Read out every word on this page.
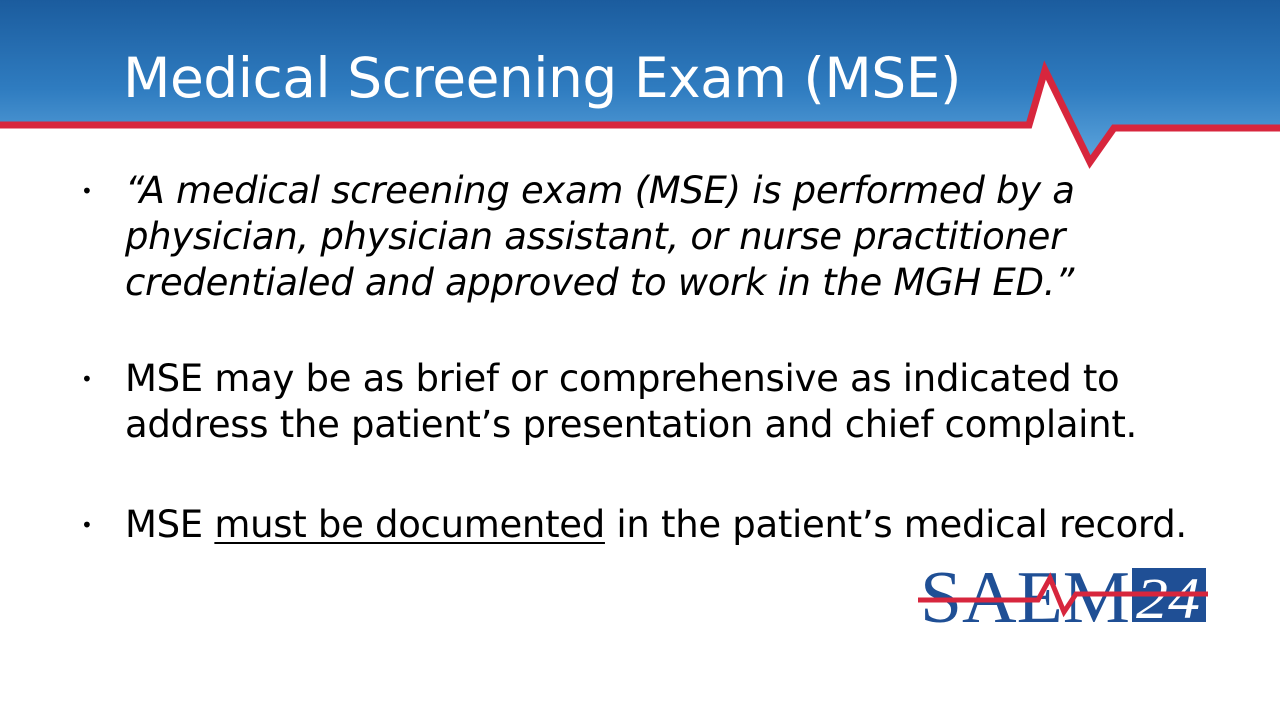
Medical Screening Exam (MSE)
• “A medical screening exam (MSE) is performed by a physician, physician assistant, or nurse practitioner credentialed and approved to work in the MGH ED.”
• MSE may be as brief or comprehensive as indicated to address the patient’s presentation and chief complaint.
• MSE must be documented in the patient’s medical record.
SAEM 24
